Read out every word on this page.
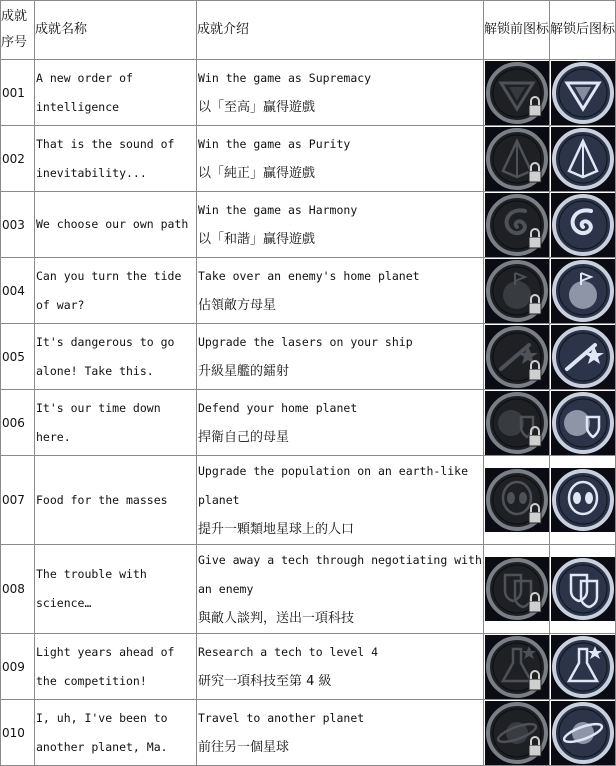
成就序号	成就名称	成就介绍	解锁前图标	解锁后图标
001	A new order of intelligence	Win the game as Supremacy
以「至高」贏得遊戲

002	That is the sound of inevitability...	Win the game as Purity
以「純正」贏得遊戲

003	We choose our own path	Win the game as Harmony
以「和諧」贏得遊戲

004	Can you turn the tide of war?	Take over an enemy's home planet
佔領敵方母星

005	It's dangerous to go alone! Take this.	Upgrade the lasers on your ship
升級星艦的鐳射

006	It's our time down here.	Defend your home planet
捍衛自己的母星

007	Food for the masses	Upgrade the population on an earth-like planet
提升一顆類地星球上的人口

008	The trouble with science…	Give away a tech through negotiating with an enemy
與敵人談判，送出一項科技

009	Light years ahead of the competition!	Research a tech to level 4
研究一項科技至第 4 級

010	I, uh, I've been to another planet, Ma.	Travel to another planet
前往另一個星球
